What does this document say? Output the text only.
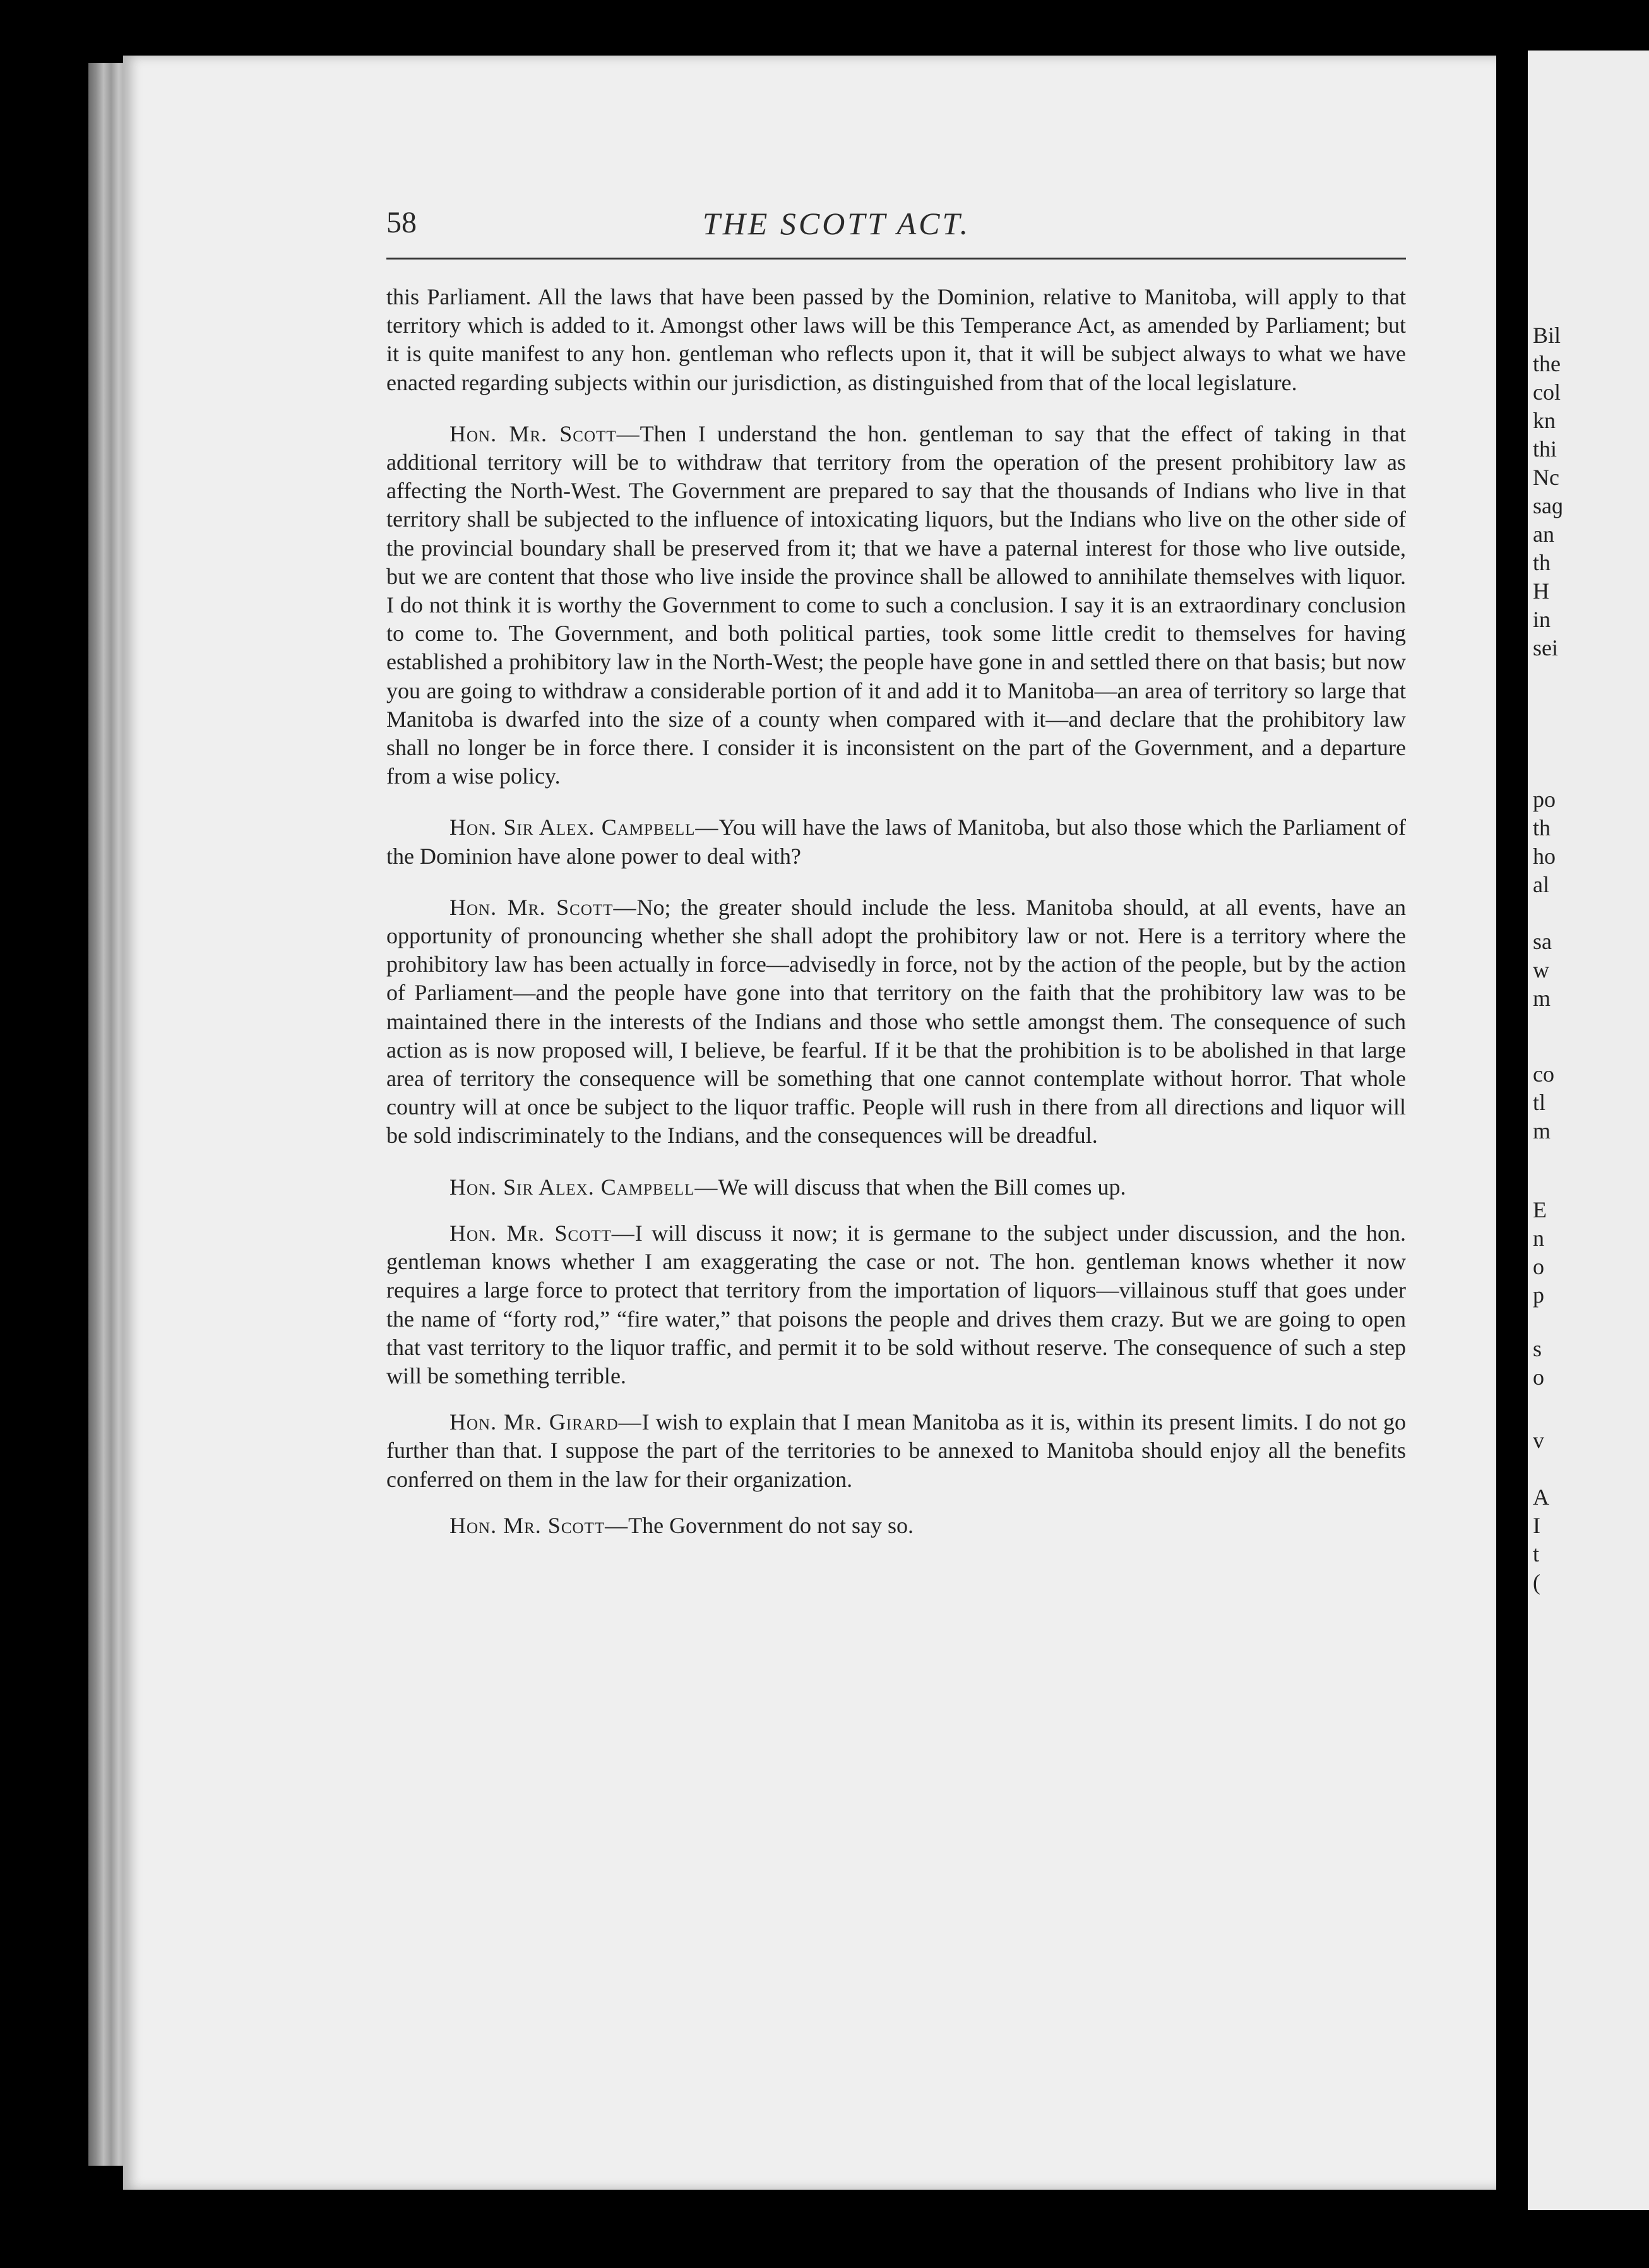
58	THE SCOTT ACT.

this Parliament. All the laws that have been passed by the Dominion, relative to Manitoba, will apply to that territory which is added to it. Amongst other laws will be this Temperance Act, as amended by Parliament; but it is quite manifest to any hon. gentleman who reflects upon it, that it will be subject always to what we have enacted regarding subjects within our jurisdiction, as distinguished from that of the local legislature.

Hon. Mr. Scott—Then I understand the hon. gentleman to say that the effect of taking in that additional territory will be to withdraw that territory from the operation of the present prohibitory law as affecting the North-West. The Government are prepared to say that the thousands of Indians who live in that territory shall be subjected to the influence of intoxicating liquors, but the Indians who live on the other side of the provincial boundary shall be preserved from it; that we have a paternal interest for those who live outside, but we are content that those who live inside the province shall be allowed to annihilate themselves with liquor. I do not think it is worthy the Government to come to such a conclusion. I say it is an extraordinary conclusion to come to. The Government, and both political parties, took some little credit to themselves for having established a prohibitory law in the North-West; the people have gone in and settled there on that basis; but now you are going to withdraw a considerable portion of it and add it to Manitoba—an area of territory so large that Manitoba is dwarfed into the size of a county when compared with it—and declare that the prohibitory law shall no longer be in force there. I consider it is inconsistent on the part of the Government, and a departure from a wise policy.

Hon. Sir Alex. Campbell—You will have the laws of Manitoba, but also those which the Parliament of the Dominion have alone power to deal with?

Hon. Mr. Scott—No; the greater should include the less. Manitoba should, at all events, have an opportunity of pronouncing whether she shall adopt the prohibitory law or not. Here is a territory where the prohibitory law has been actually in force—advisedly in force, not by the action of the people, but by the action of Parliament—and the people have gone into that territory on the faith that the prohibitory law was to be maintained there in the interests of the Indians and those who settle amongst them. The consequence of such action as is now proposed will, I believe, be fearful. If it be that the prohibition is to be abolished in that large area of territory the consequence will be something that one cannot contemplate without horror. That whole country will at once be subject to the liquor traffic. People will rush in there from all directions and liquor will be sold indiscriminately to the Indians, and the consequences will be dreadful.

Hon. Sir Alex. Campbell—We will discuss that when the Bill comes up.

Hon. Mr. Scott—I will discuss it now; it is germane to the subject under discussion, and the hon. gentleman knows whether I am exaggerating the case or not. The hon. gentleman knows whether it now requires a large force to protect that territory from the importation of liquors—villainous stuff that goes under the name of “forty rod,” “fire water,” that poisons the people and drives them crazy. But we are going to open that vast territory to the liquor traffic, and permit it to be sold without reserve. The consequence of such a step will be something terrible.

Hon. Mr. Girard—I wish to explain that I mean Manitoba as it is, within its present limits. I do not go further than that. I suppose the part of the territories to be annexed to Manitoba should enjoy all the benefits conferred on them in the law for their organization.

Hon. Mr. Scott—The Government do not say so.

Bil
the
col
kn
thi
Nc
saɡ
an
th
H
in
sei
po
th
ho
al
sa
w
m
co
tl
m
E
n
o
p
s
o
v
A
I
t
(
